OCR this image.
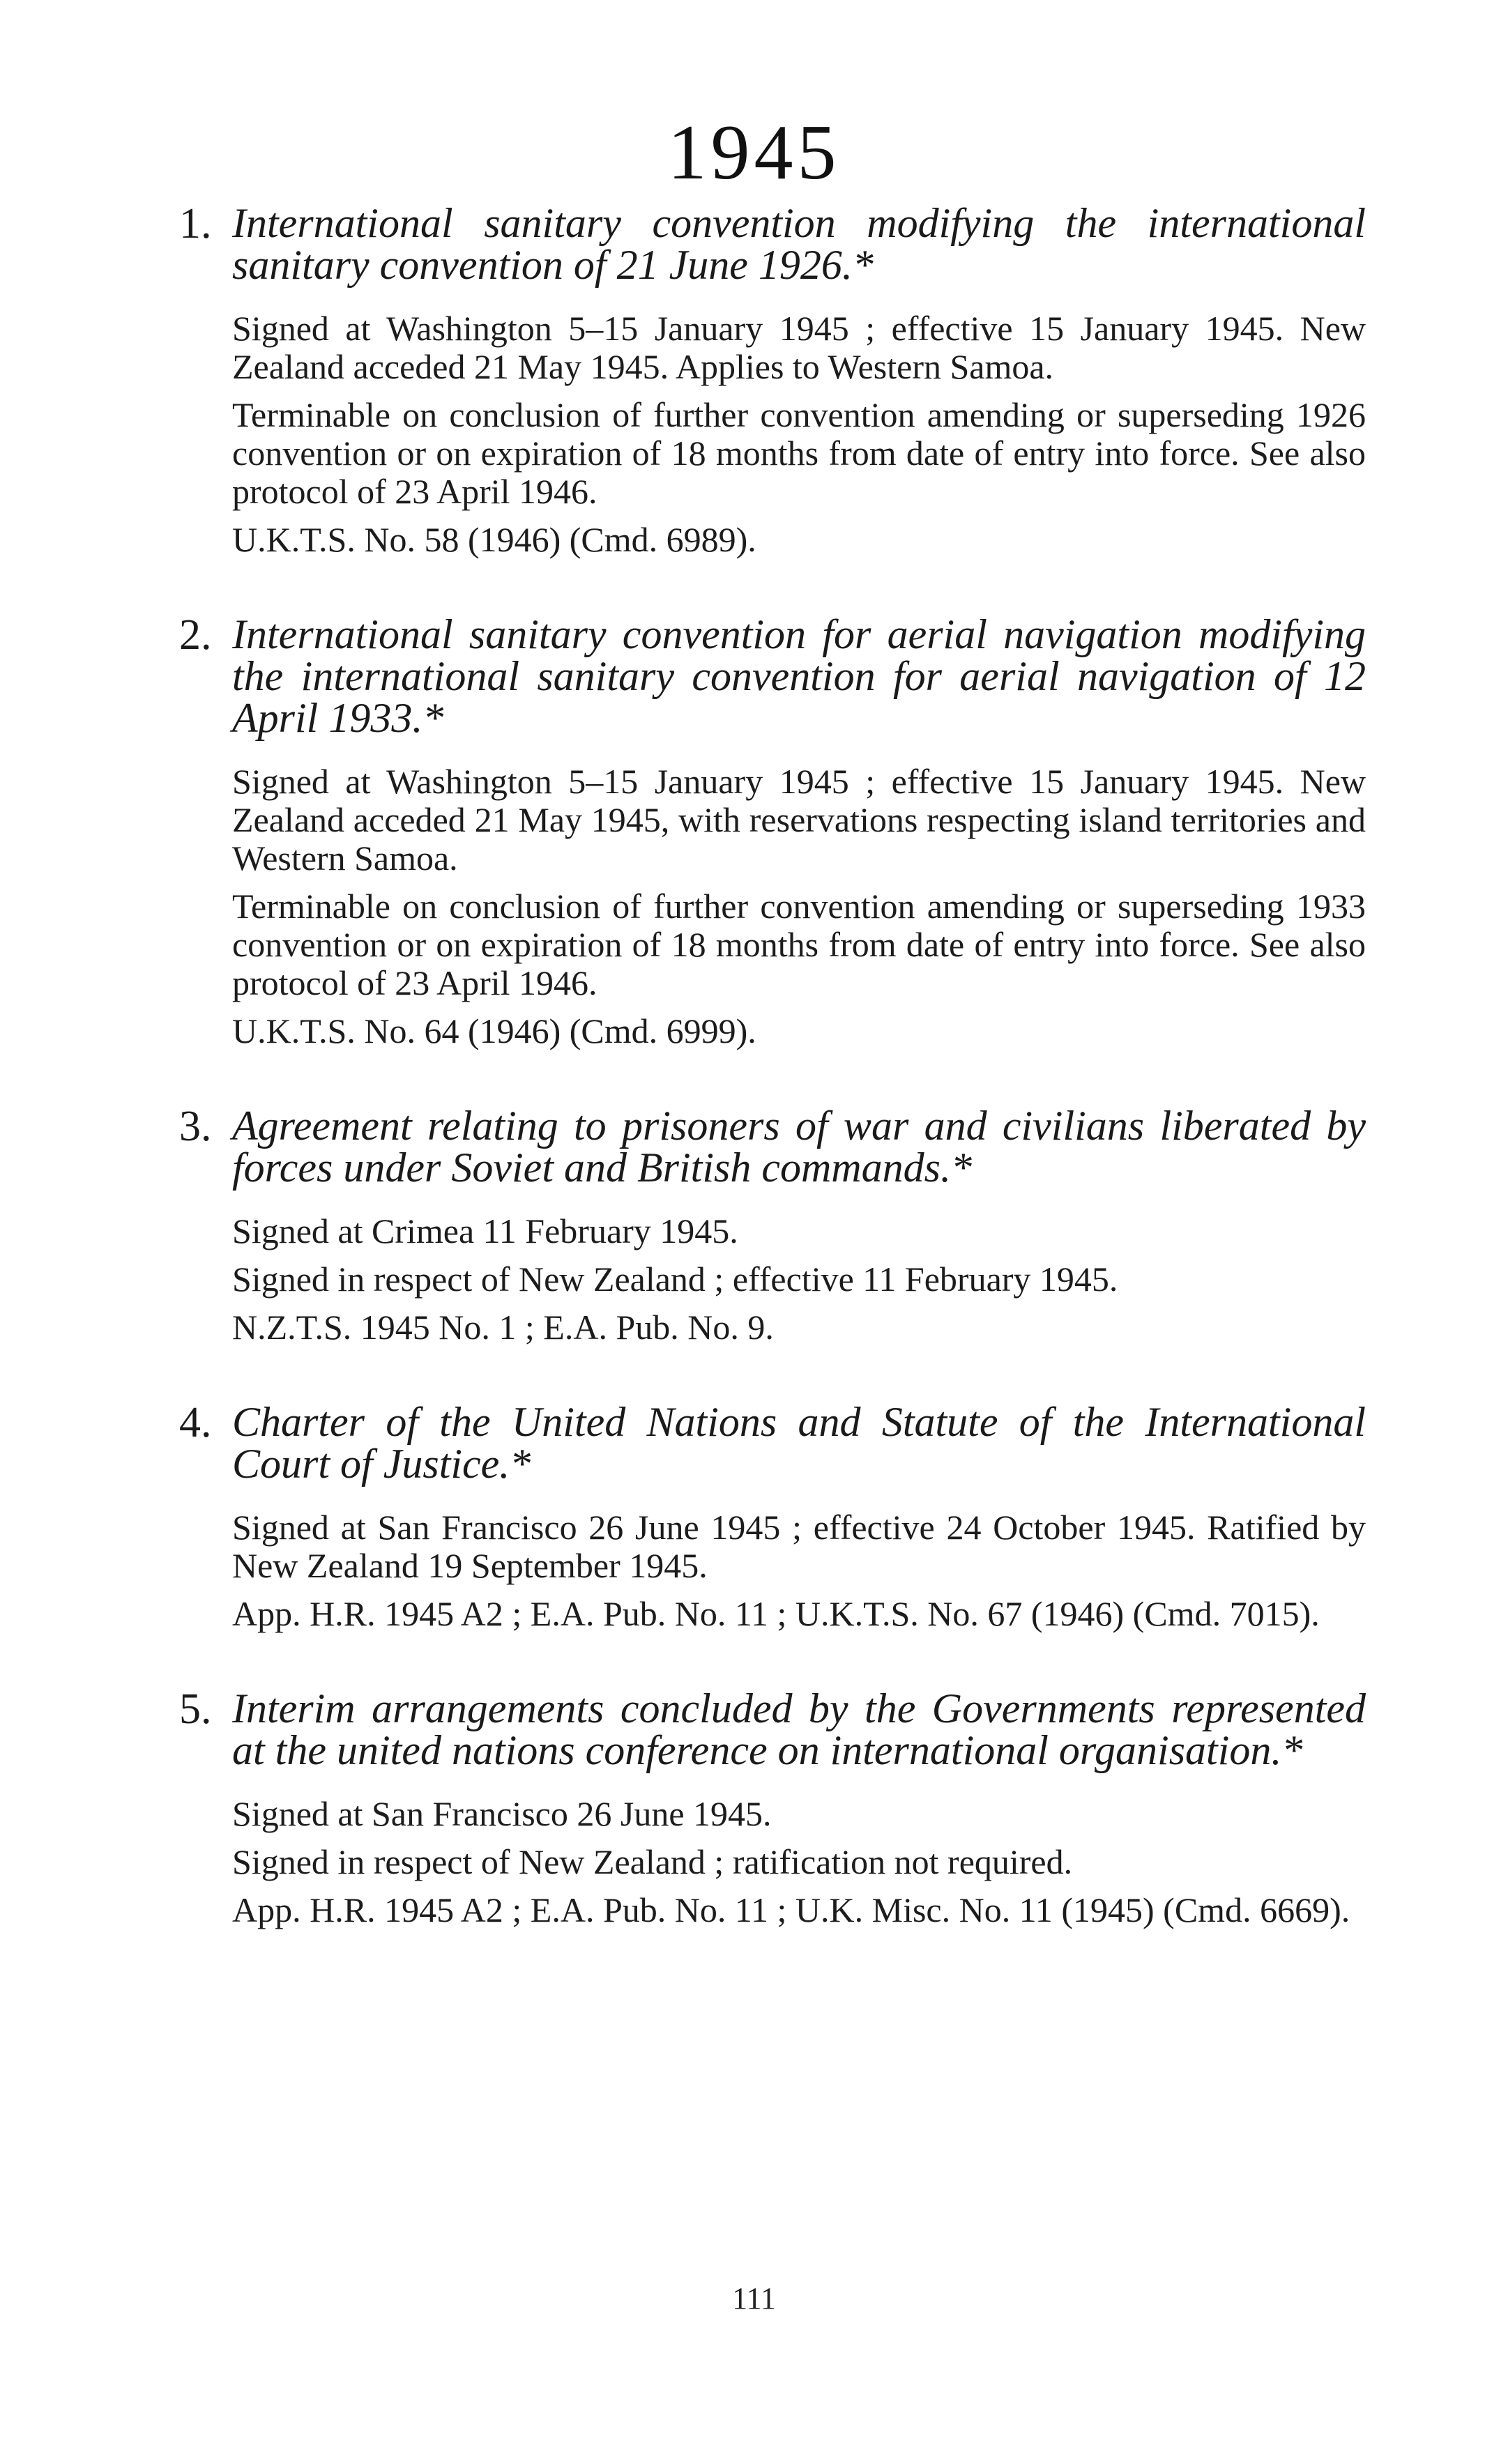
1945
1. International sanitary convention modifying the international sanitary convention of 21 June 1926.*
Signed at Washington 5–15 January 1945 ; effective 15 January 1945. New Zealand acceded 21 May 1945. Applies to Western Samoa.
Terminable on conclusion of further convention amending or superseding 1926 convention or on expiration of 18 months from date of entry into force. See also protocol of 23 April 1946.
U.K.T.S. No. 58 (1946) (Cmd. 6989).
2. International sanitary convention for aerial navigation modifying the international sanitary convention for aerial navigation of 12 April 1933.*
Signed at Washington 5–15 January 1945 ; effective 15 January 1945. New Zealand acceded 21 May 1945, with reservations respecting island territories and Western Samoa.
Terminable on conclusion of further convention amending or superseding 1933 convention or on expiration of 18 months from date of entry into force. See also protocol of 23 April 1946.
U.K.T.S. No. 64 (1946) (Cmd. 6999).
3. Agreement relating to prisoners of war and civilians liberated by forces under Soviet and British commands.*
Signed at Crimea 11 February 1945.
Signed in respect of New Zealand ; effective 11 February 1945.
N.Z.T.S. 1945 No. 1 ; E.A. Pub. No. 9.
4. Charter of the United Nations and Statute of the International Court of Justice.*
Signed at San Francisco 26 June 1945 ; effective 24 October 1945. Ratified by New Zealand 19 September 1945.
App. H.R. 1945 A2 ; E.A. Pub. No. 11 ; U.K.T.S. No. 67 (1946) (Cmd. 7015).
5. Interim arrangements concluded by the Governments represented at the united nations conference on international organisation.*
Signed at San Francisco 26 June 1945.
Signed in respect of New Zealand ; ratification not required.
App. H.R. 1945 A2 ; E.A. Pub. No. 11 ; U.K. Misc. No. 11 (1945) (Cmd. 6669).
111
